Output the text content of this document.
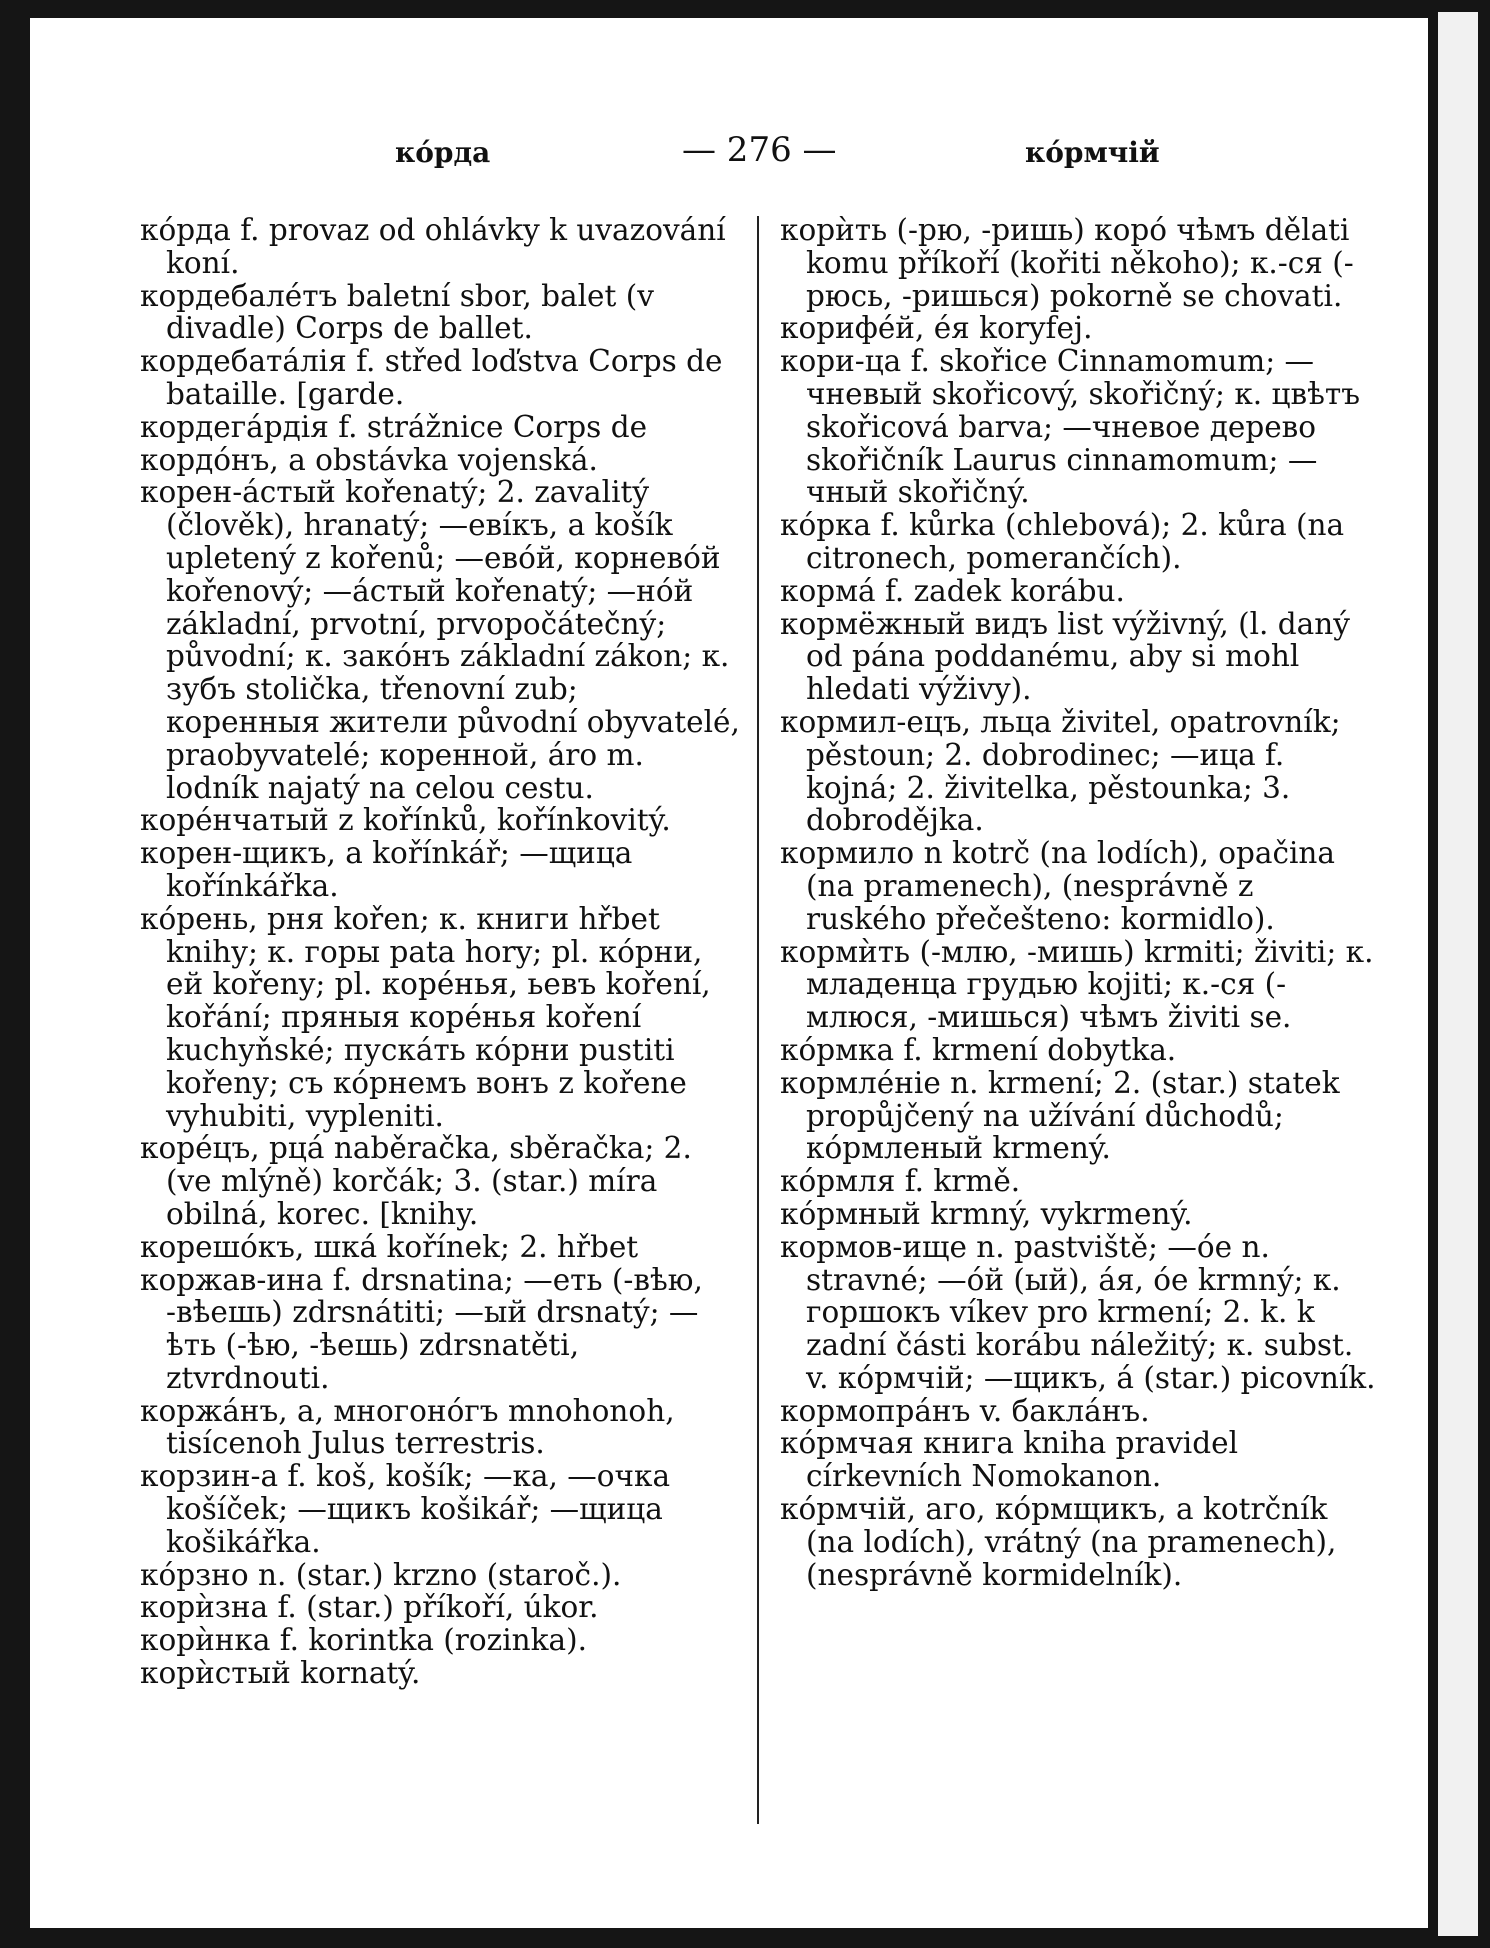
кóрда	— 276 —	кóрмчій
кóрда f. provaz od ohlávky k uvazování koní.
кордебалéтъ baletní sbor, balet (v divadle) Corps de ballet.
кордебатáлія f. střed loďstva Corps de bataille. [garde.
кордегáрдія f. strážnice Corps de
кордóнъ, a obstávka vojenská.
корен-áстый kořenatý; 2. zavalitý (člověk), hranatý; —евíкъ, a košík upletený z kořenů; —евóй, корневóй kořenový; —áстый kořenatý; —нóй základní, prvotní, prvopočátečný; původní; к. закóнъ základní zákon; к. зубъ stolička, třenovní zub; коренныя жители původní obyvatelé, praobyvatelé; коренной, áro m. lodník najatý na celou cestu.
корéнчатый z kořínků, kořínkovitý.
корен-щикъ, a kořínkář; —щица kořínkářka.
кóрень, рня kořen; к. книги hřbet knihy; к. горы pata hory; pl. кóрни, ей kořeny; pl. корéнья, ьевъ koření, kořání; пряныя корéнья koření kuchyňské; пускáть кóрни pustiti kořeny; съ кóрнемъ вонъ z kořene vyhubiti, vypleniti.
корéцъ, рцá naběračka, sběračka; 2. (ve mlýně) korčák; 3. (star.) míra obilná, korec. [knihy.
корешóкъ, шкá kořínek; 2. hřbet
коржав-ина f. drsnatina; —еть (-вѣю, -вѣешь) zdrsnátiti; —ый drsnatý; —ѣть (-ѣю, -ѣешь) zdrsnatěti, ztvrdnouti.
коржáнъ, a, многонóгъ mnohonoh, tisícenoh Julus terrestris.
корзин-а f. koš, košík; —ка, —очка košíček; —щикъ košikář; —щица košikářka.
кóрзно n. (star.) krzno (staroč.).
корѝзна f. (star.) příkoří, úkor.
корѝнка f. korintka (rozinka).
корѝстый kornatý.
корѝть (-рю, -ришь) корó чѣмъ dělati komu příkoří (kořiti někoho); к.-ся (-рюсь, -ришься) pokorně se chovati.
корифéй, éя koryfej.
кори-ца f. skořice Cinnamomum; —чневый skořicový, skořičný; к. цвѣтъ skořicová barva; —чневое дерево skořičník Laurus cinnamomum; —чный skořičný.
кóрка f. kůrka (chlebová); 2. kůra (na citronech, pomerančích).
кормá f. zadek korábu.
кормёжный видъ list výživný, (l. daný od pána poddanému, aby si mohl hledati výživy).
кормил-ецъ, льца živitel, opatrovník; pěstoun; 2. dobrodinec; —ица f. kojná; 2. živitelka, pěstounka; 3. dobroděјka.
кормило n kotrč (na lodích), opačina (na pramenech), (nesprávně z ruského přečešteno: kormidlo).
кормѝть (-млю, -мишь) krmiti; živiti; к. младенца грудью kojiti; к.-ся (-млюся, -мишься) чѣмъ živiti se.
кóрмка f. krmení dobytka.
кормлéніе n. krmení; 2. (star.) statek propůjčený na užívání důchodů; кóрмленый krmený.
кóрмля f. krmě.
кóрмный krmný, vykrmený.
кормов-ище n. pastviště; —óе n. stravné; —óй (ый), áя, óе krmný; к. горшокъ víkev pro krmení; 2. k. k zadní části korábu náležitý; к. subst. v. кóрмчій; —щикъ, á (star.) picovník.
кормопрáнъ v. баклáнъ.
кóрмчая книга kniha pravidel církevních Nomokanon.
кóрмчій, аго, кóрмщикъ, a kotrčník (na lodích), vrátný (na pramenech), (nesprávně kormidelník).
